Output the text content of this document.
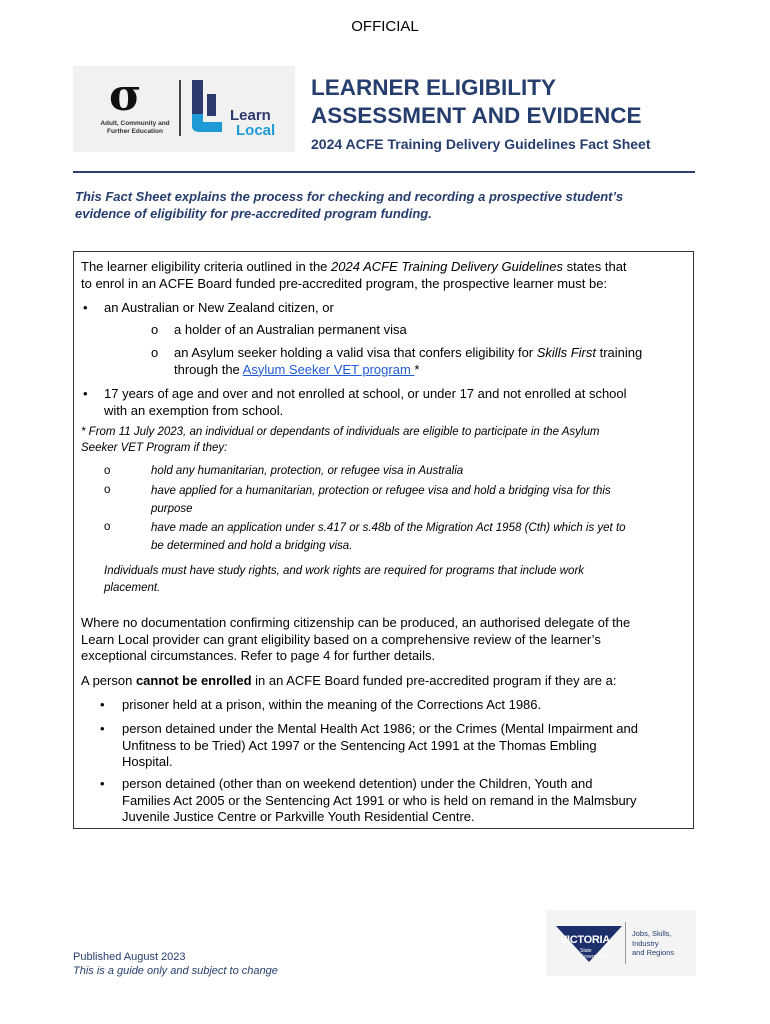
OFFICIAL
σ
Adult, Community and
Further Education
Learn
Local
LEARNER ELIGIBILITY
ASSESSMENT AND EVIDENCE
2024 ACFE Training Delivery Guidelines Fact Sheet
This Fact Sheet explains the process for checking and recording a prospective student’s
evidence of eligibility for pre-accredited program funding.
The learner eligibility criteria outlined in the 2024 ACFE Training Delivery Guidelines states that
to enrol in an ACFE Board funded pre-accredited program, the prospective learner must be:
• an Australian or New Zealand citizen, or
o a holder of an Australian permanent visa
o an Asylum seeker holding a valid visa that confers eligibility for Skills First training
through the Asylum Seeker VET program *
• 17 years of age and over and not enrolled at school, or under 17 and not enrolled at school
with an exemption from school.
* From 11 July 2023, an individual or dependants of individuals are eligible to participate in the Asylum
Seeker VET Program if they:
o	hold any humanitarian, protection, or refugee visa in Australia
o	have applied for a humanitarian, protection or refugee visa and hold a bridging visa for this
purpose
o	have made an application under s.417 or s.48b of the Migration Act 1958 (Cth) which is yet to
be determined and hold a bridging visa.
Individuals must have study rights, and work rights are required for programs that include work
placement.
Where no documentation confirming citizenship can be produced, an authorised delegate of the
Learn Local provider can grant eligibility based on a comprehensive review of the learner’s
exceptional circumstances. Refer to page 4 for further details.
A person cannot be enrolled in an ACFE Board funded pre-accredited program if they are a:
• prisoner held at a prison, within the meaning of the Corrections Act 1986.
• person detained under the Mental Health Act 1986; or the Crimes (Mental Impairment and
Unfitness to be Tried) Act 1997 or the Sentencing Act 1991 at the Thomas Embling
Hospital.
• person detained (other than on weekend detention) under the Children, Youth and
Families Act 2005 or the Sentencing Act 1991 or who is held on remand in the Malmsbury
Juvenile Justice Centre or Parkville Youth Residential Centre.
VICTORIA
State
Government
Jobs, Skills,
Industry
and Regions
Published August 2023
This is a guide only and subject to change
